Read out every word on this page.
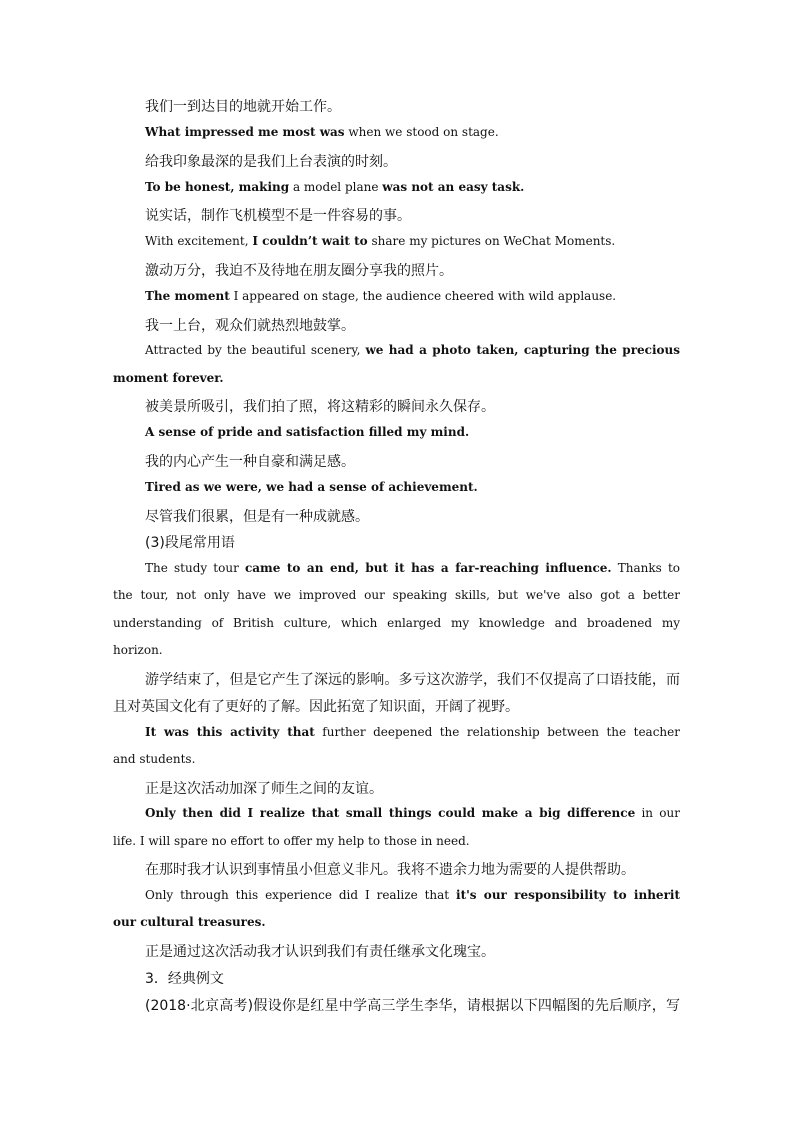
我们一到达目的地就开始工作。
What impressed me most was when we stood on stage.
给我印象最深的是我们上台表演的时刻。
To be honest, making a model plane was not an easy task.
说实话，制作飞机模型不是一件容易的事。
With excitement, I couldn’t wait to share my pictures on WeChat Moments.
激动万分，我迫不及待地在朋友圈分享我的照片。
The moment I appeared on stage, the audience cheered with wild applause.
我一上台，观众们就热烈地鼓掌。
Attracted by the beautiful scenery, we had a photo taken, capturing the precious
moment forever.
被美景所吸引，我们拍了照，将这精彩的瞬间永久保存。
A sense of pride and satisfaction filled my mind.
我的内心产生一种自豪和满足感。
Tired as we were, we had a sense of achievement.
尽管我们很累，但是有一种成就感。
(3)段尾常用语
The study tour came to an end, but it has a far-reaching influence. Thanks to
the tour, not only have we improved our speaking skills, but we've also got a better
understanding of British culture, which enlarged my knowledge and broadened my
horizon.
游学结束了，但是它产生了深远的影响。多亏这次游学，我们不仅提高了口语技能，而
且对英国文化有了更好的了解。因此拓宽了知识面，开阔了视野。
It was this activity that further deepened the relationship between the teacher
and students.
正是这次活动加深了师生之间的友谊。
Only then did I realize that small things could make a big difference in our
life. I will spare no effort to offer my help to those in need.
在那时我才认识到事情虽小但意义非凡。我将不遗余力地为需要的人提供帮助。
Only through this experience did I realize that it's our responsibility to inherit
our cultural treasures.
正是通过这次活动我才认识到我们有责任继承文化瑰宝。
3．经典例文
(2018·北京高考)假设你是红星中学高三学生李华，请根据以下四幅图的先后顺序，写
